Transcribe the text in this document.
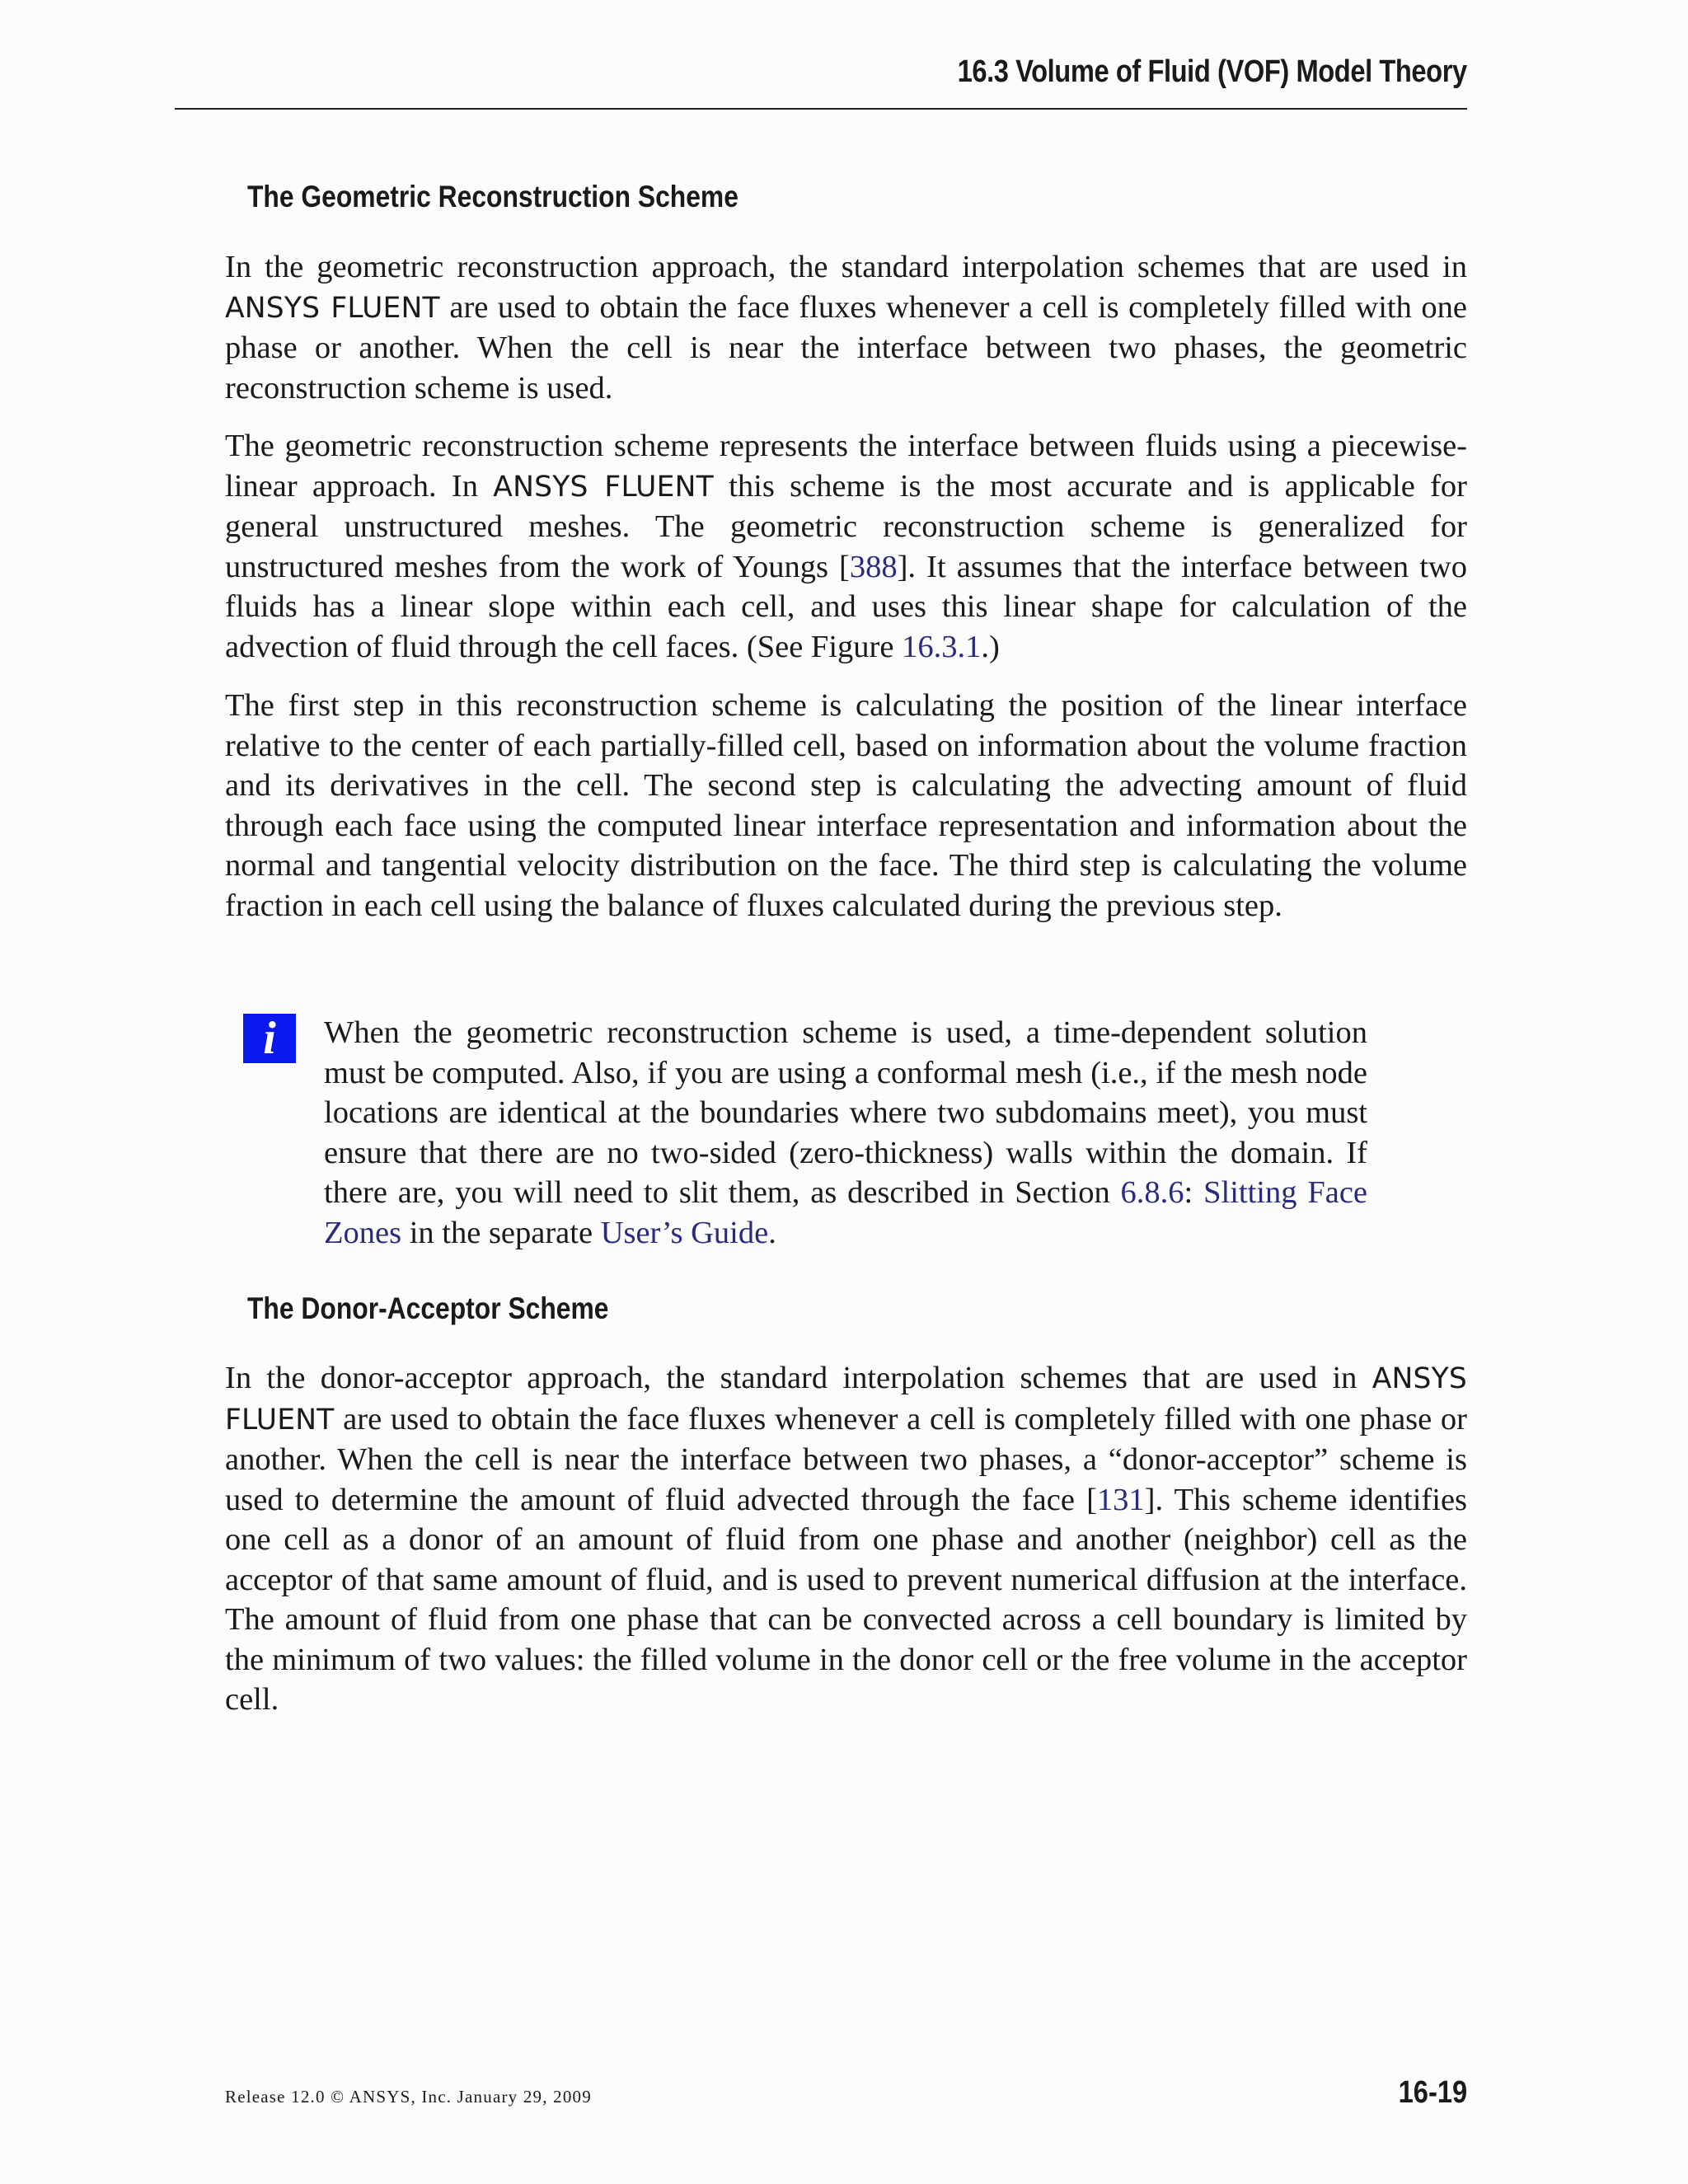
16.3 Volume of Fluid (VOF) Model Theory
The Geometric Reconstruction Scheme

In the geometric reconstruction approach, the standard interpolation schemes that are used in ANSYS FLUENT are used to obtain the face fluxes whenever a cell is completely filled with one phase or another. When the cell is near the interface between two phases, the geometric reconstruction scheme is used.

The geometric reconstruction scheme represents the interface between fluids using a piecewise-linear approach. In ANSYS FLUENT this scheme is the most accurate and is applicable for general unstructured meshes. The geometric reconstruction scheme is generalized for unstructured meshes from the work of Youngs [388]. It assumes that the interface between two fluids has a linear slope within each cell, and uses this linear shape for calculation of the advection of fluid through the cell faces. (See Figure 16.3.1.)

The first step in this reconstruction scheme is calculating the position of the linear interface relative to the center of each partially-filled cell, based on information about the volume fraction and its derivatives in the cell. The second step is calculating the advecting amount of fluid through each face using the computed linear interface representation and information about the normal and tangential velocity distribution on the face. The third step is calculating the volume fraction in each cell using the balance of fluxes calculated during the previous step.

i	When the geometric reconstruction scheme is used, a time-dependent solution must be computed. Also, if you are using a conformal mesh (i.e., if the mesh node locations are identical at the boundaries where two subdomains meet), you must ensure that there are no two-sided (zero-thickness) walls within the domain. If there are, you will need to slit them, as described in Section 6.8.6: Slitting Face Zones in the separate User’s Guide.
The Donor-Acceptor Scheme

In the donor-acceptor approach, the standard interpolation schemes that are used in ANSYS FLUENT are used to obtain the face fluxes whenever a cell is completely filled with one phase or another. When the cell is near the interface between two phases, a “donor-acceptor” scheme is used to determine the amount of fluid advected through the face [131]. This scheme identifies one cell as a donor of an amount of fluid from one phase and another (neighbor) cell as the acceptor of that same amount of fluid, and is used to prevent numerical diffusion at the interface. The amount of fluid from one phase that can be convected across a cell boundary is limited by the minimum of two values: the filled volume in the donor cell or the free volume in the acceptor cell.

Release 12.0 © ANSYS, Inc. January 29, 2009	16-19
